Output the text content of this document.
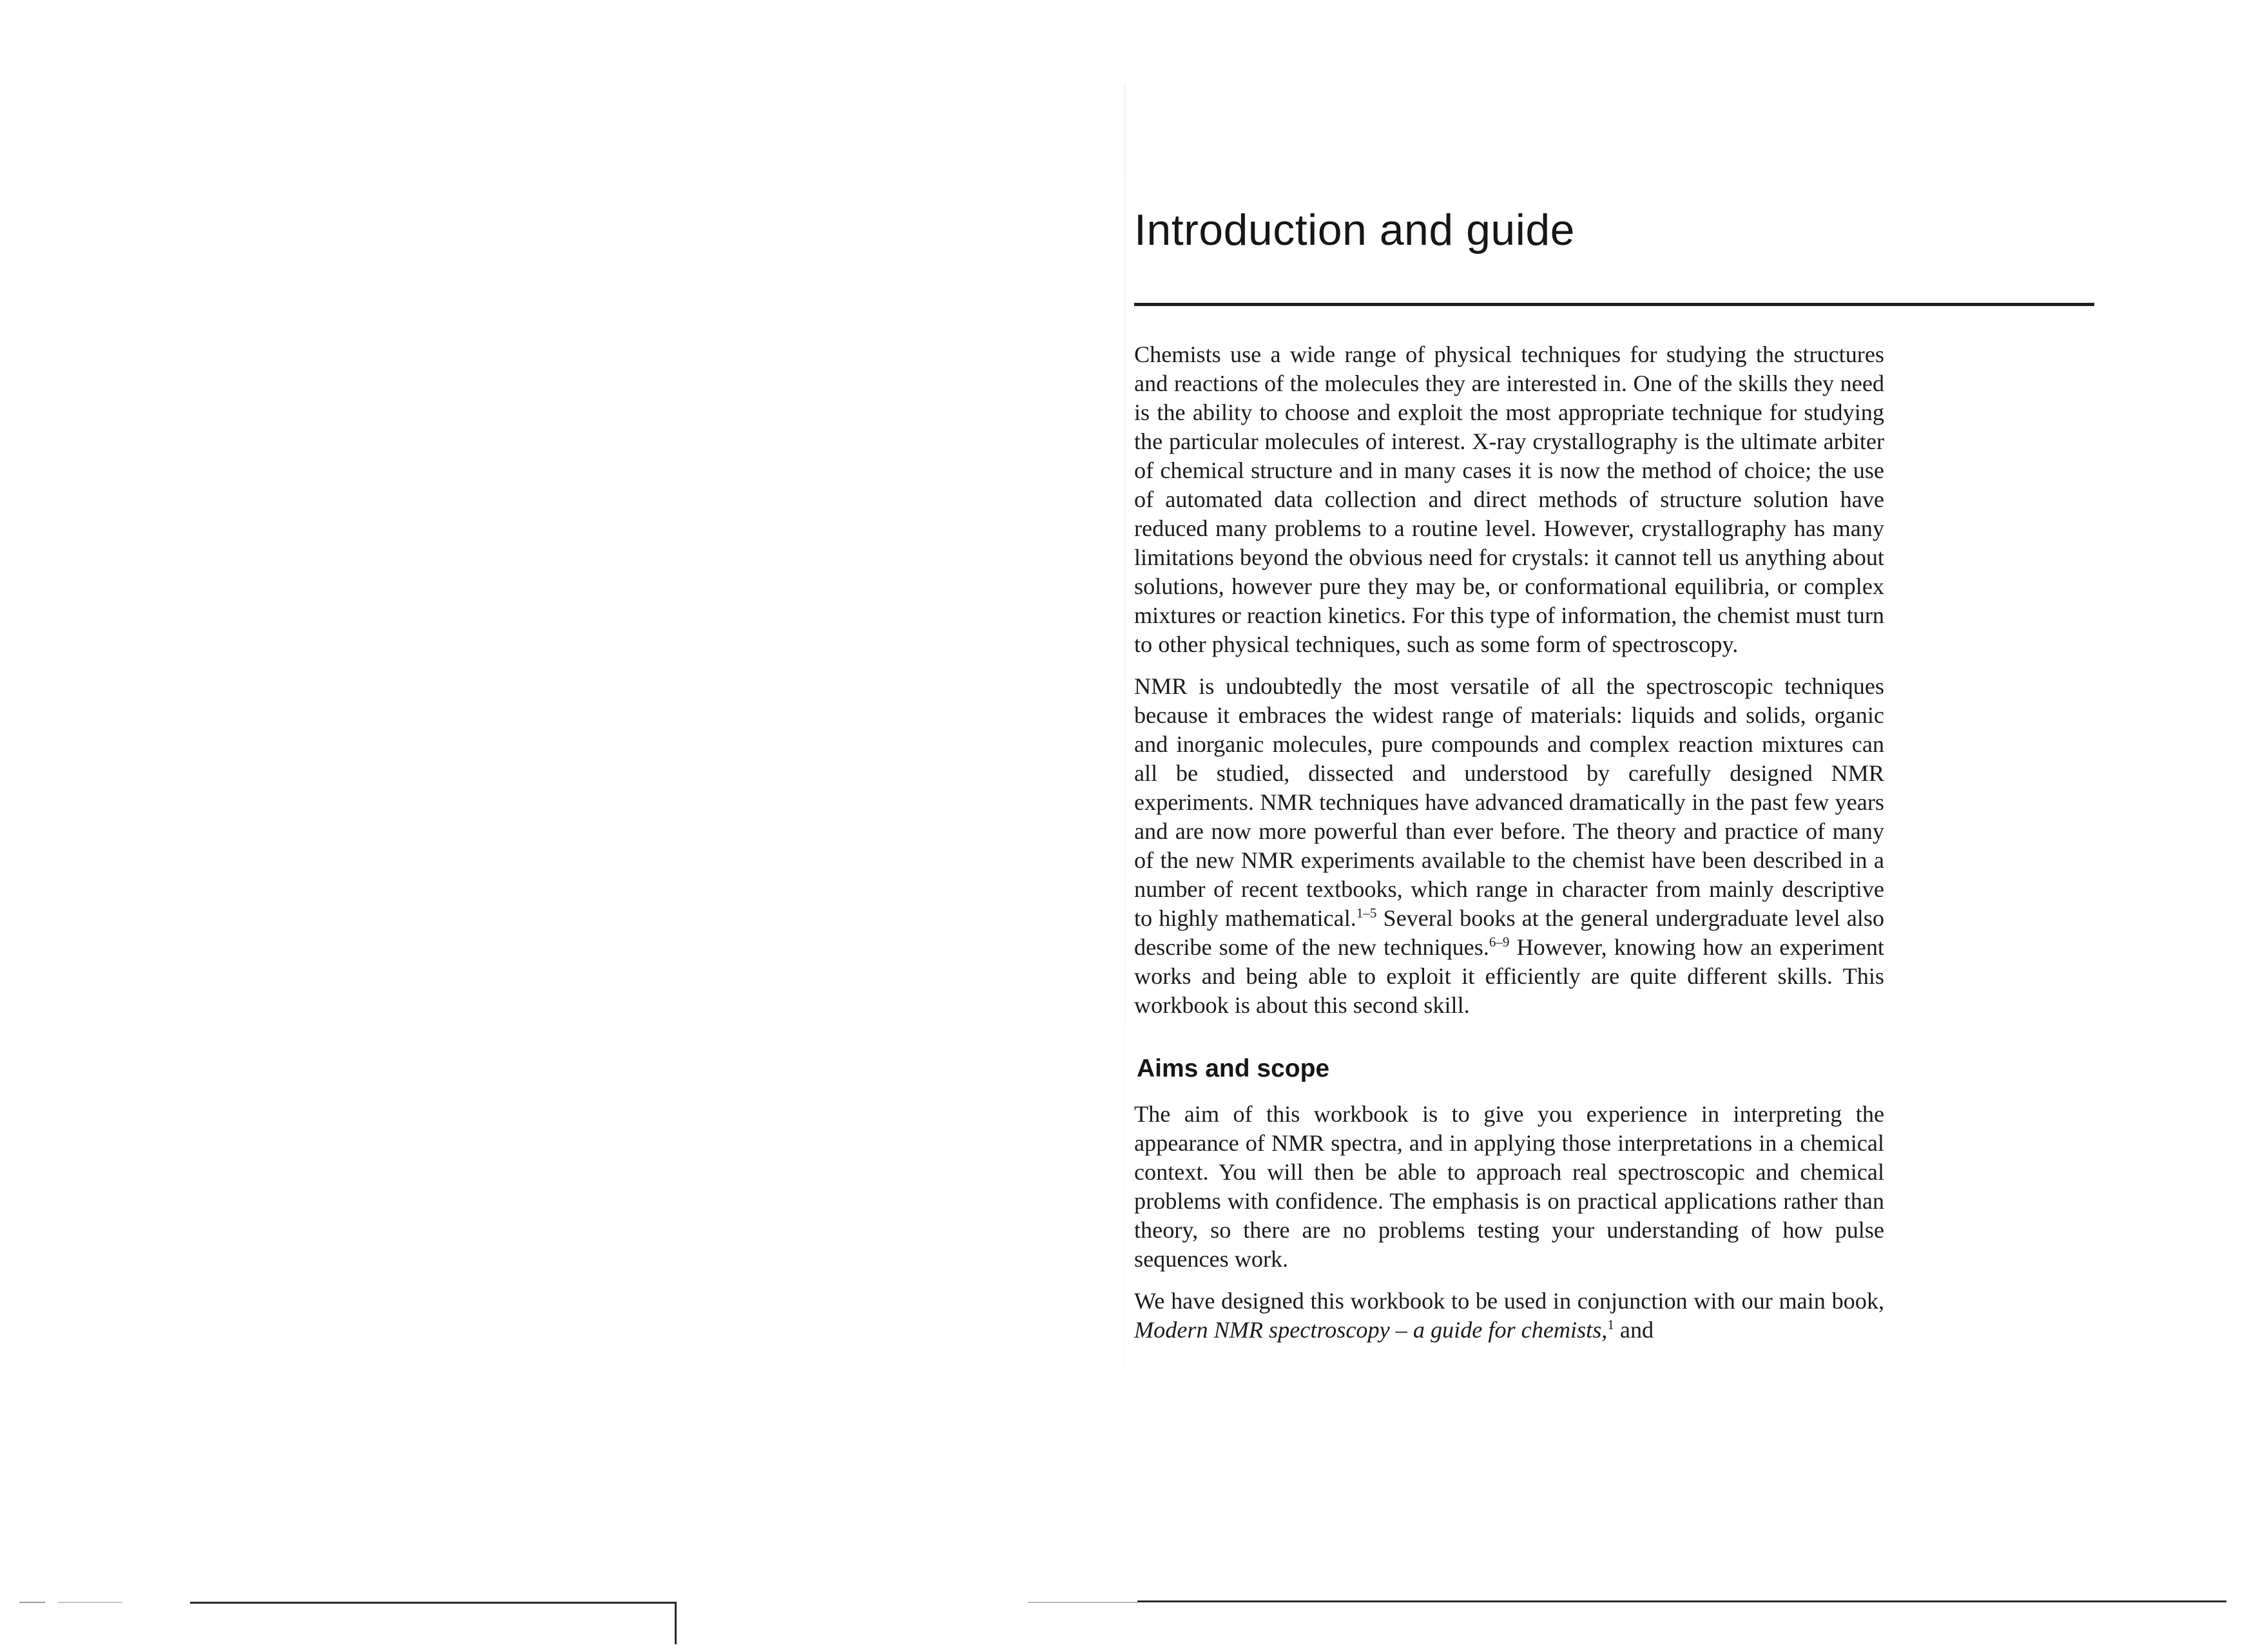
Introduction and guide

Chemists use a wide range of physical techniques for studying the structures and reactions of the molecules they are interested in. One of the skills they need is the ability to choose and exploit the most appropriate technique for studying the particular molecules of interest. X-ray crystallography is the ultimate arbiter of chemical structure and in many cases it is now the method of choice; the use of automated data collection and direct methods of structure solution have reduced many problems to a routine level. However, crystallography has many limitations beyond the obvious need for crystals: it cannot tell us anything about solutions, however pure they may be, or conformational equilibria, or complex mixtures or reaction kinetics. For this type of information, the chemist must turn to other physical techniques, such as some form of spectroscopy.

NMR is undoubtedly the most versatile of all the spectroscopic techniques because it embraces the widest range of materials: liquids and solids, organic and inorganic molecules, pure compounds and complex reaction mixtures can all be studied, dissected and understood by carefully designed NMR experiments. NMR techniques have advanced dramatically in the past few years and are now more powerful than ever before. The theory and practice of many of the new NMR experiments available to the chemist have been described in a number of recent textbooks, which range in character from mainly descriptive to highly mathematical.$^{1-5}$ Several books at the general undergraduate level also describe some of the new techniques.$^{6-9}$ However, knowing how an experiment works and being able to exploit it efficiently are quite different skills. This workbook is about this second skill.

Aims and scope

The aim of this workbook is to give you experience in interpreting the appearance of NMR spectra, and in applying those interpretations in a chemical context. You will then be able to approach real spectroscopic and chemical problems with confidence. The emphasis is on practical applications rather than theory, so there are no problems testing your understanding of how pulse sequences work.

We have designed this workbook to be used in conjunction with our main book, Modern NMR spectroscopy – a guide for chemists,$^1$ and
